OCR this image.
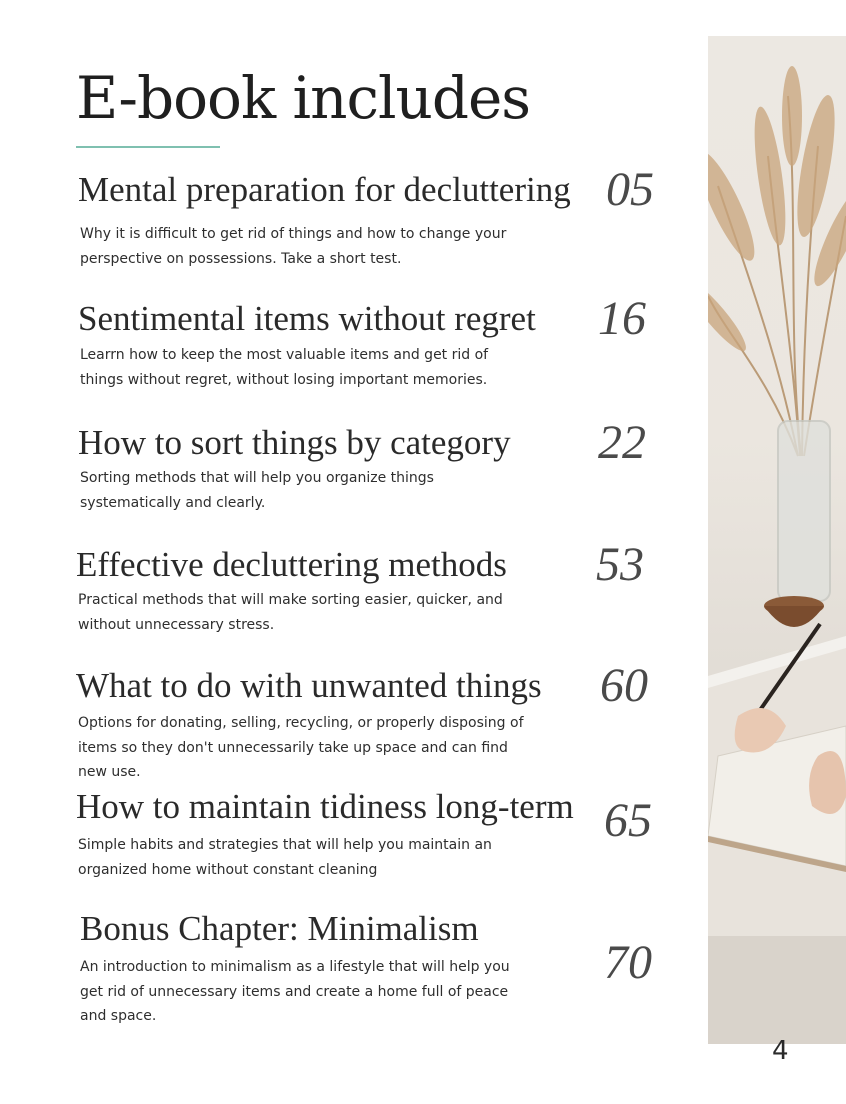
E-book includes
Mental preparation for decluttering 05
Why it is difficult to get rid of things and how to change your
perspective on possessions. Take a short test.
Sentimental items without regret 16
Learrn how to keep the most valuable items and get rid of
things without regret, without losing important memories.
How to sort things by category 22
Sorting methods that will help you organize things
systematically and clearly.
Effective decluttering methods 53
Practical methods that will make sorting easier, quicker, and
without unnecessary stress.
What to do with unwanted things 60
Options for donating, selling, recycling, or properly disposing of
items so they don't unnecessarily take up space and can find
new use.
How to maintain tidiness long-term 65
Simple habits and strategies that will help you maintain an
organized home without constant cleaning
Bonus Chapter: Minimalism
70
An introduction to minimalism as a lifestyle that will help you
get rid of unnecessary items and create a home full of peace
and space.
4
